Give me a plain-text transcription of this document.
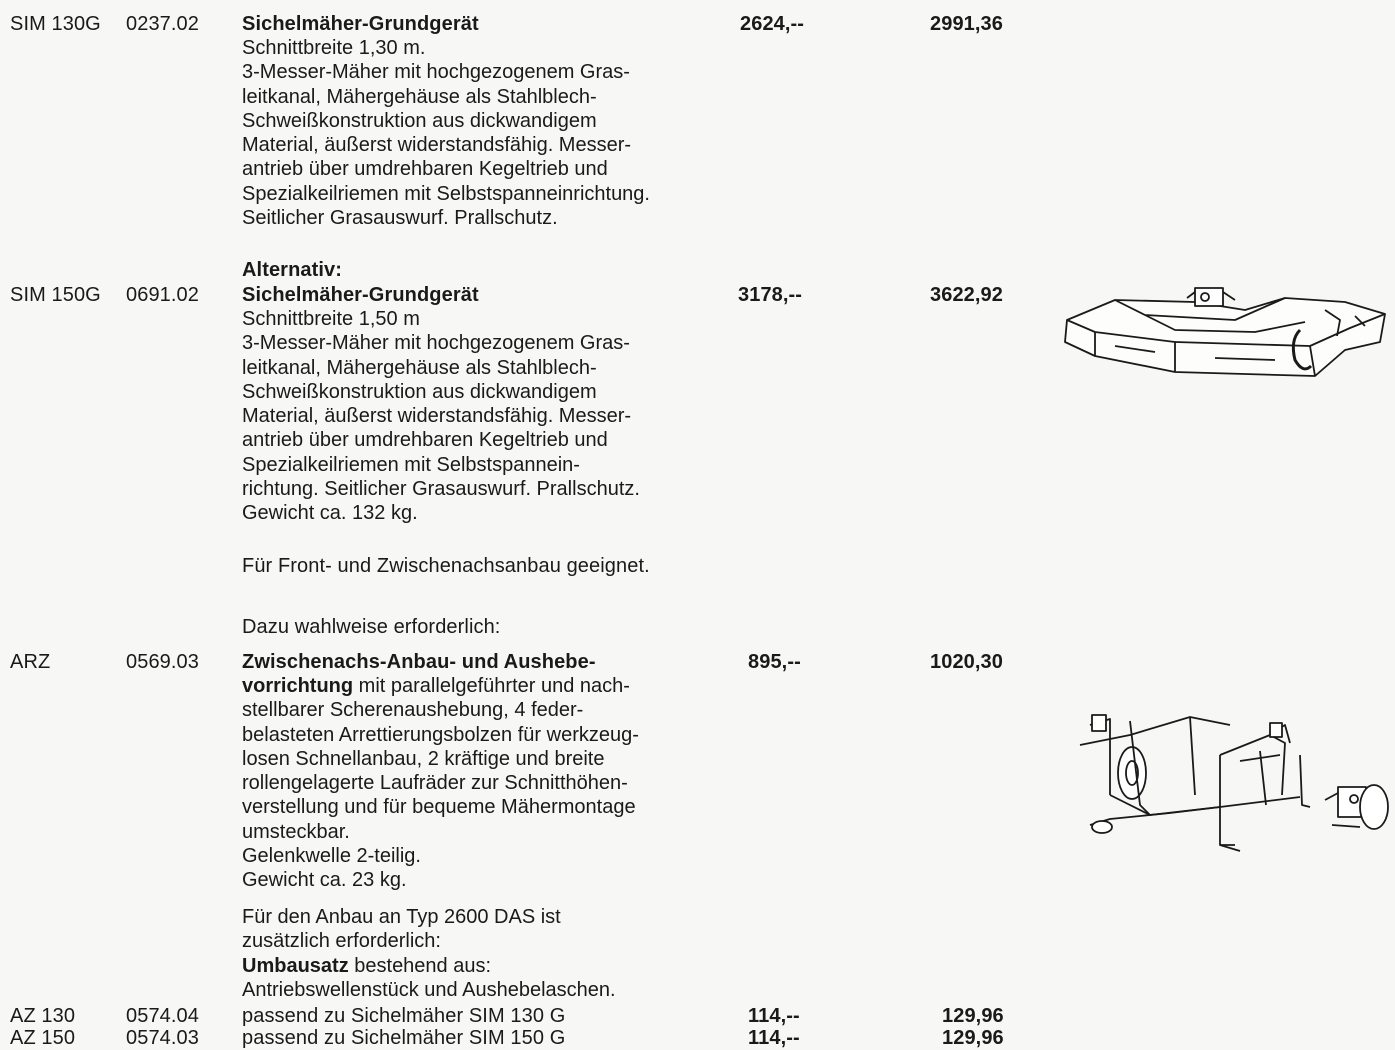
SIM 130G 0237.02 Sichelmäher-Grundgerät	2624,--	2991,36
Schnittbreite 1,30 m.
3-Messer-Mäher mit hochgezogenem Gras-
leitkanal, Mähergehäuse als Stahlblech-
Schweißkonstruktion aus dickwandigem
Material, äußerst widerstandsfähig. Messer-
antrieb über umdrehbaren Kegeltrieb und
Spezialkeilriemen mit Selbstspanneinrichtung.
Seitlicher Grasauswurf. Prallschutz.
Alternativ:
SIM 150G 0691.02 Sichelmäher-Grundgerät	3178,--	3622,92
Schnittbreite 1,50 m
3-Messer-Mäher mit hochgezogenem Gras-
leitkanal, Mähergehäuse als Stahlblech-
Schweißkonstruktion aus dickwandigem
Material, äußerst widerstandsfähig. Messer-
antrieb über umdrehbaren Kegeltrieb und
Spezialkeilriemen mit Selbstspannein-
richtung. Seitlicher Grasauswurf. Prallschutz.
Gewicht ca. 132 kg.
Für Front- und Zwischenachsanbau geeignet.
Dazu wahlweise erforderlich:
ARZ	0569.03 Zwischenachs-Anbau- und Aushebe-	895,--	1020,30
vorrichtung mit parallelgeführter und nach-
stellbarer Scherenaushebung, 4 feder-
belasteten Arrettierungsbolzen für werkzeug-
losen Schnellanbau, 2 kräftige und breite
rollengelagerte Laufräder zur Schnitthöhen-
verstellung und für bequeme Mähermontage
umsteckbar.
Gelenkwelle 2-teilig.
Gewicht ca. 23 kg.
Für den Anbau an Typ 2600 DAS ist
zusätzlich erforderlich:
Umbausatz bestehend aus:
Antriebswellenstück und Aushebelaschen.
AZ 130	0574.04 passend zu Sichelmäher SIM 130 G	114,--	129,96
AZ 150	0574.03 passend zu Sichelmäher SIM 150 G	114,--	129,96
